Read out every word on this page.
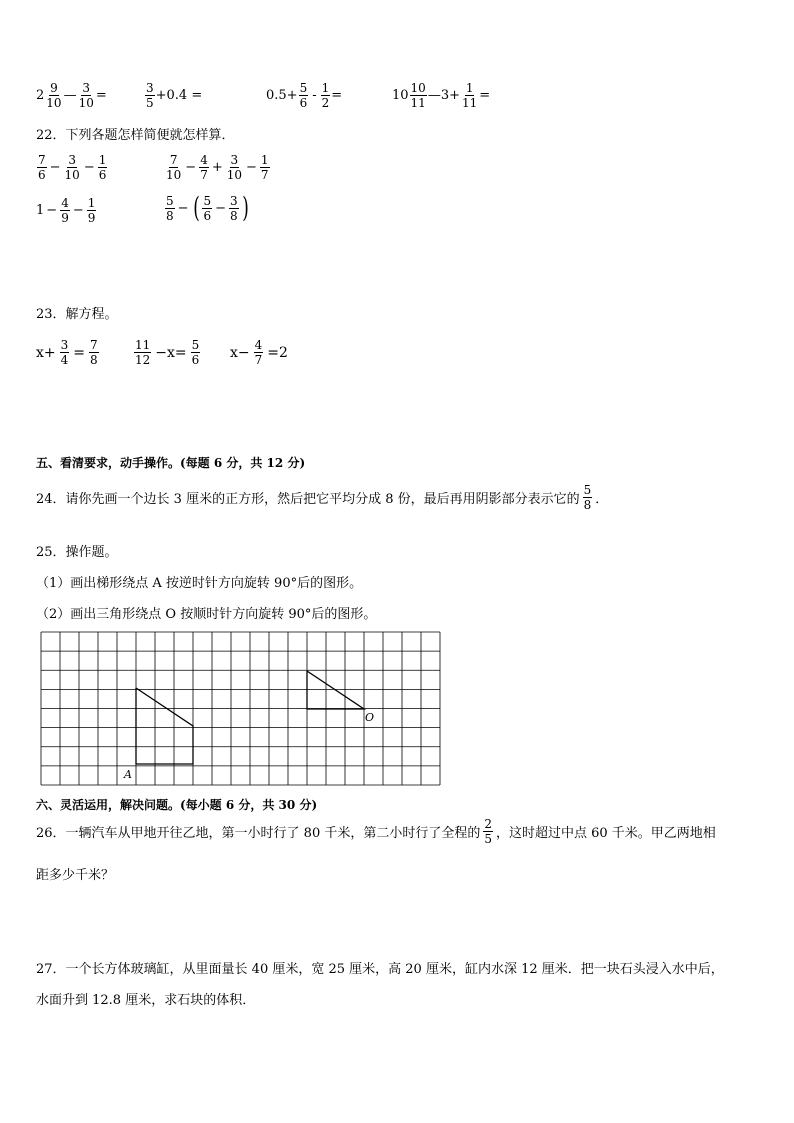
2 9
10 — $\frac{3}{10}$ =	3
5 +0.4 =	$0.5+ \frac{5}{6} - \frac{1}{2}$ =	10 10
11 —3+ $\frac{1}{11}$ =
22．下列各题怎样简便就怎样算．
7
$6 - \frac{3}{10} - \frac{1}{6}$	7
$10 - \frac{4}{7} + \frac{3}{10} - \frac{1}{7}$
$1 - \frac{4}{9} - \frac{1}{9}$	5
8 − ( 5
$6 - \frac{3}{8}$ )
23．解方程。
$x+ \frac{3}{4} = \frac{7}{8}$	11
$12 -x= \frac{5}{6} x- \frac{4}{7} =2$
五、看清要求，动手操作。(每题 6 分，共 12 分)
24．请你先画一个边长 3 厘米的正方形，然后把它平均分成 8 份，最后再用阴影部分表示它的
5
8 ．
25．操作题。
（1）画出梯形绕点 A 按逆时针方向旋转 90°后的图形。
（2）画出三角形绕点 O 按顺时针方向旋转 90°后的图形。
A
O
六、灵活运用，解决问题。(每小题 6 分，共 30 分)
26．一辆汽车从甲地开往乙地，第一小时行了 80 千米，第二小时行了全程的
2
5 ，这时超过中点 60 千米。甲乙两地相
距多少千米？
27．一个长方体玻璃缸，从里面量长 40 厘米，宽 25 厘米，高 20 厘米，缸内水深 12 厘米．把一块石头浸入水中后，
水面升到 12.8 厘米，求石块的体积．
